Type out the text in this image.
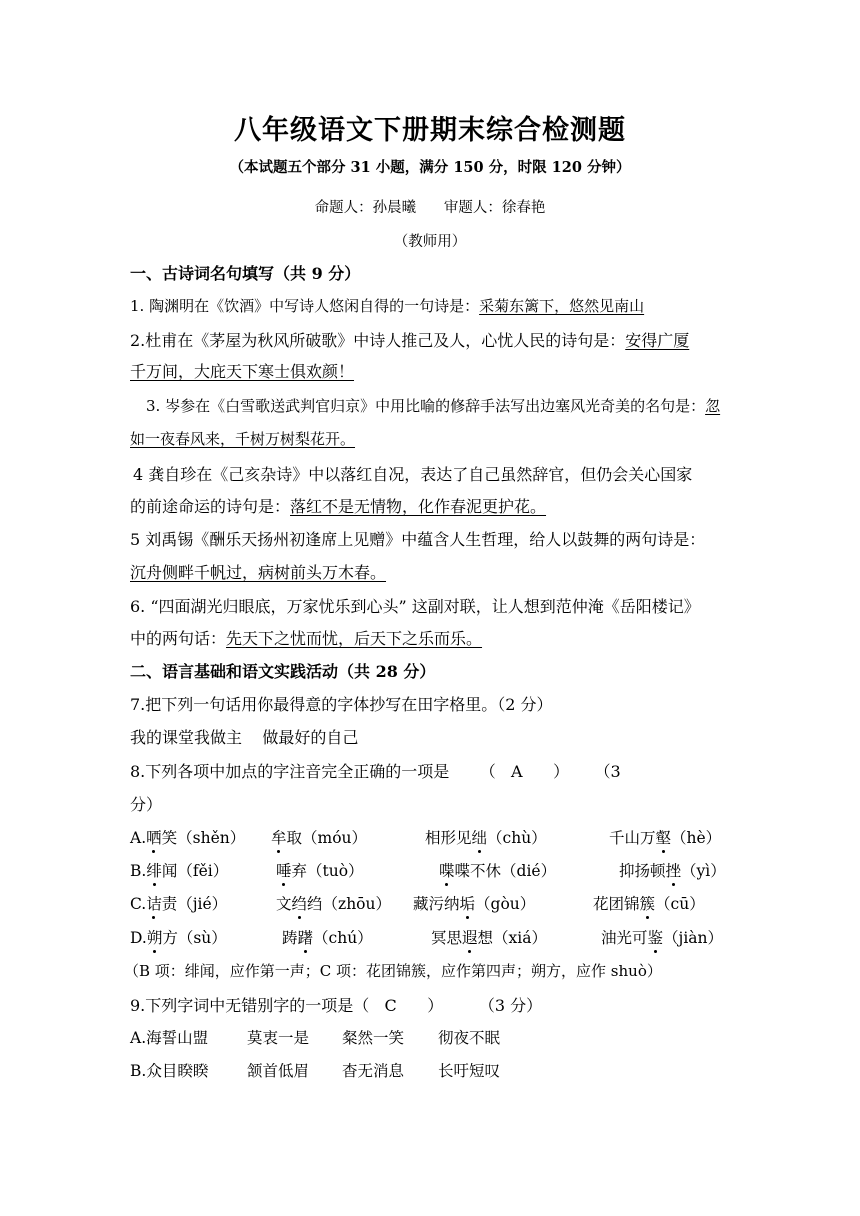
八年级语文下册期末综合检测题
（本试题五个部分 31 小题，满分 150 分，时限 120 分钟）
命题人：孙晨曦      审题人：徐春艳
（教师用）
一、古诗词名句填写（共 9 分）
1. 陶渊明在《饮酒》中写诗人悠闲自得的一句诗是：采菊东篱下，悠然见南山
2.杜甫在《茅屋为秋风所破歌》中诗人推己及人，心忧人民的诗句是：安得广厦
千万间，大庇天下寒士俱欢颜！
3. 岑参在《白雪歌送武判官归京》中用比喻的修辞手法写出边塞风光奇美的名句是：忽
如一夜春风来，千树万树梨花开。
4 龚自珍在《己亥杂诗》中以落红自况，表达了自己虽然辞官，但仍会关心国家
的前途命运的诗句是：落红不是无情物，化作春泥更护花。
5 刘禹锡《酬乐天扬州初逢席上见赠》中蕴含人生哲理，给人以鼓舞的两句诗是：
沉舟侧畔千帆过，病树前头万木春。
6. “四面湖光归眼底，万家忧乐到心头” 这副对联，让人想到范仲淹《岳阳楼记》
中的两句话：先天下之忧而忧，后天下之乐而乐。
二、语言基础和语文实践活动（共 28 分）
7.把下列一句话用你最得意的字体抄写在田字格里。（2 分）
我的课堂我做主    做最好的自己
8.下列各项中加点的字注音完全正确的一项是      （   A      ）     （3
分）
A.哂笑（shěn） 牟取（móu）	相形见绌（chù）	千山万壑（hè）
B.绯闻（fěi）	唾弃（tuò）	喋喋不休（dié）	抑扬顿挫（yì）
C.诘责（jié）	文绉绉（zhōu） 藏污纳垢（gòu）	花团锦簇（cū）
D.朔方（sù）	踌躇（chú）	冥思遐想（xiá）	油光可鉴（jiàn）
（B 项：绯闻，应作第一声；C 项：花团锦簇，应作第四声；朔方，应作 shuò）
9.下列字词中无错别字的一项是（   C      ）       （3 分）
A.海誓山盟	莫衷一是 粲然一笑 彻夜不眠
B.众目睽睽 颔首低眉 杳无消息 长吁短叹
